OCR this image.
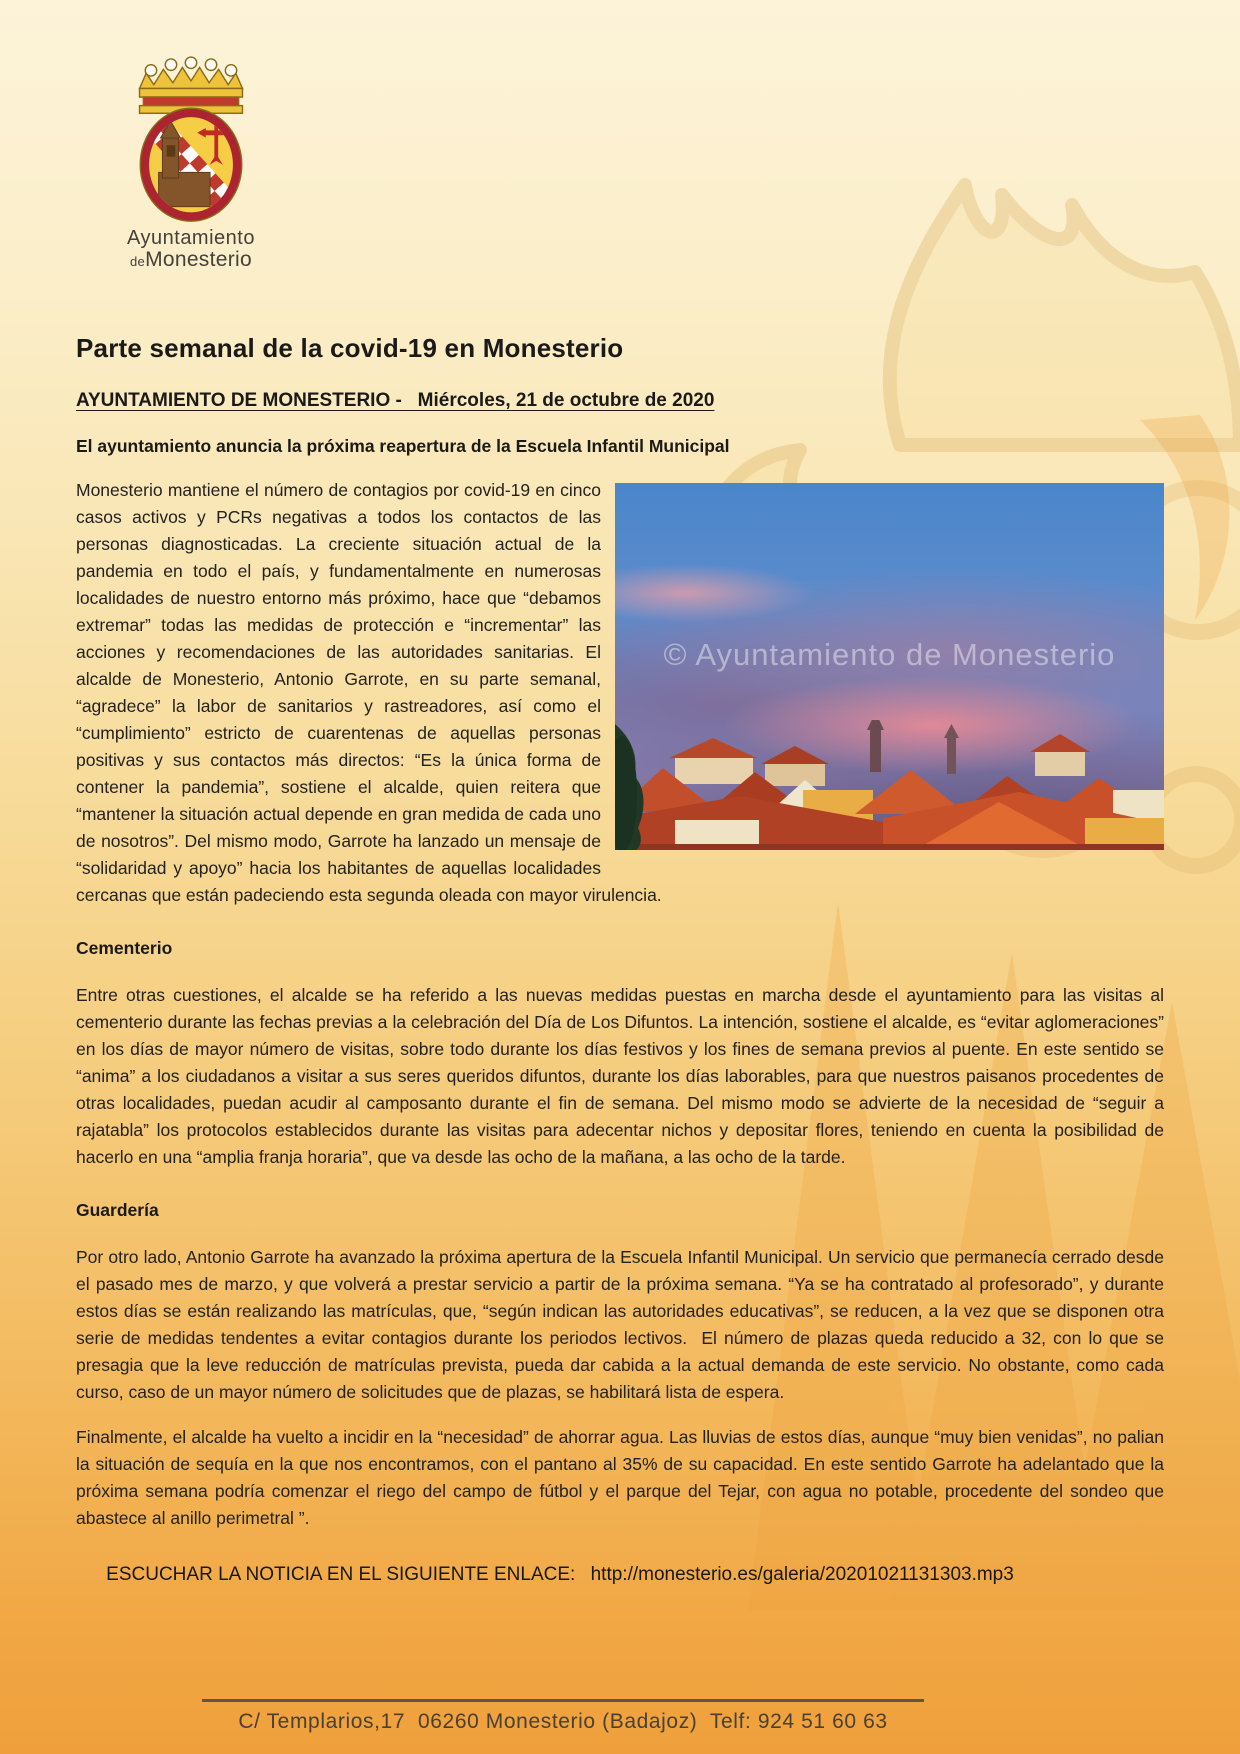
Ayuntamiento
deMonesterio
Parte semanal de la covid-19 en Monesterio
AYUNTAMIENTO DE MONESTERIO -   Miércoles, 21 de octubre de 2020
El ayuntamiento anuncia la próxima reapertura de la Escuela Infantil Municipal
© Ayuntamiento de Monesterio

Monesterio mantiene el número de contagios por covid-19 en cinco casos activos y PCRs negativas a todos los contactos de las personas diagnosticadas. La creciente situación actual de la pandemia en todo el país, y fundamentalmente en numerosas localidades de nuestro entorno más próximo, hace que “debamos extremar” todas las medidas de protección e “incrementar” las acciones y recomendaciones de las autoridades sanitarias. El alcalde de Monesterio, Antonio Garrote, en su parte semanal, “agradece” la labor de sanitarios y rastreadores, así como el “cumplimiento” estricto de cuarentenas de aquellas personas positivas y sus contactos más directos: “Es la única forma de contener la pandemia”, sostiene el alcalde, quien reitera que “mantener la situación actual depende en gran medida de cada uno de nosotros”. Del mismo modo, Garrote ha lanzado un mensaje de “solidaridad y apoyo” hacia los habitantes de aquellas localidades cercanas que están padeciendo esta segunda oleada con mayor virulencia.

Cementerio

Entre otras cuestiones, el alcalde se ha referido a las nuevas medidas puestas en marcha desde el ayuntamiento para las visitas al cementerio durante las fechas previas a la celebración del Día de Los Difuntos. La intención, sostiene el alcalde, es “evitar aglomeraciones” en los días de mayor número de visitas, sobre todo durante los días festivos y los fines de semana previos al puente. En este sentido se “anima” a los ciudadanos a visitar a sus seres queridos difuntos, durante los días laborables, para que nuestros paisanos procedentes de otras localidades, puedan acudir al camposanto durante el fin de semana. Del mismo modo se advierte de la necesidad de “seguir a rajatabla” los protocolos establecidos durante las visitas para adecentar nichos y depositar flores, teniendo en cuenta la posibilidad de hacerlo en una “amplia franja horaria”, que va desde las ocho de la mañana, a las ocho de la tarde.

Guardería

Por otro lado, Antonio Garrote ha avanzado la próxima apertura de la Escuela Infantil Municipal. Un servicio que permanecía cerrado desde el pasado mes de marzo, y que volverá a prestar servicio a partir de la próxima semana. “Ya se ha contratado al profesorado”, y durante estos días se están realizando las matrículas, que, “según indican las autoridades educativas”, se reducen, a la vez que se disponen otra serie de medidas tendentes a evitar contagios durante los periodos lectivos.  El número de plazas queda reducido a 32, con lo que se presagia que la leve reducción de matrículas prevista, pueda dar cabida a la actual demanda de este servicio. No obstante, como cada curso, caso de un mayor número de solicitudes que de plazas, se habilitará lista de espera.

Finalmente, el alcalde ha vuelto a incidir en la “necesidad” de ahorrar agua. Las lluvias de estos días, aunque “muy bien venidas”, no palian la situación de sequía en la que nos encontramos, con el pantano al 35% de su capacidad. En este sentido Garrote ha adelantado que la próxima semana podría comenzar el riego del campo de fútbol y el parque del Tejar, con agua no potable, procedente del sondeo que abastece al anillo perimetral ”.

ESCUCHAR LA NOTICIA EN EL SIGUIENTE ENLACE: http://monesterio.es/galeria/20201021131303.mp3
C/ Templarios,17  06260 Monesterio (Badajoz)  Telf: 924 51 60 63
